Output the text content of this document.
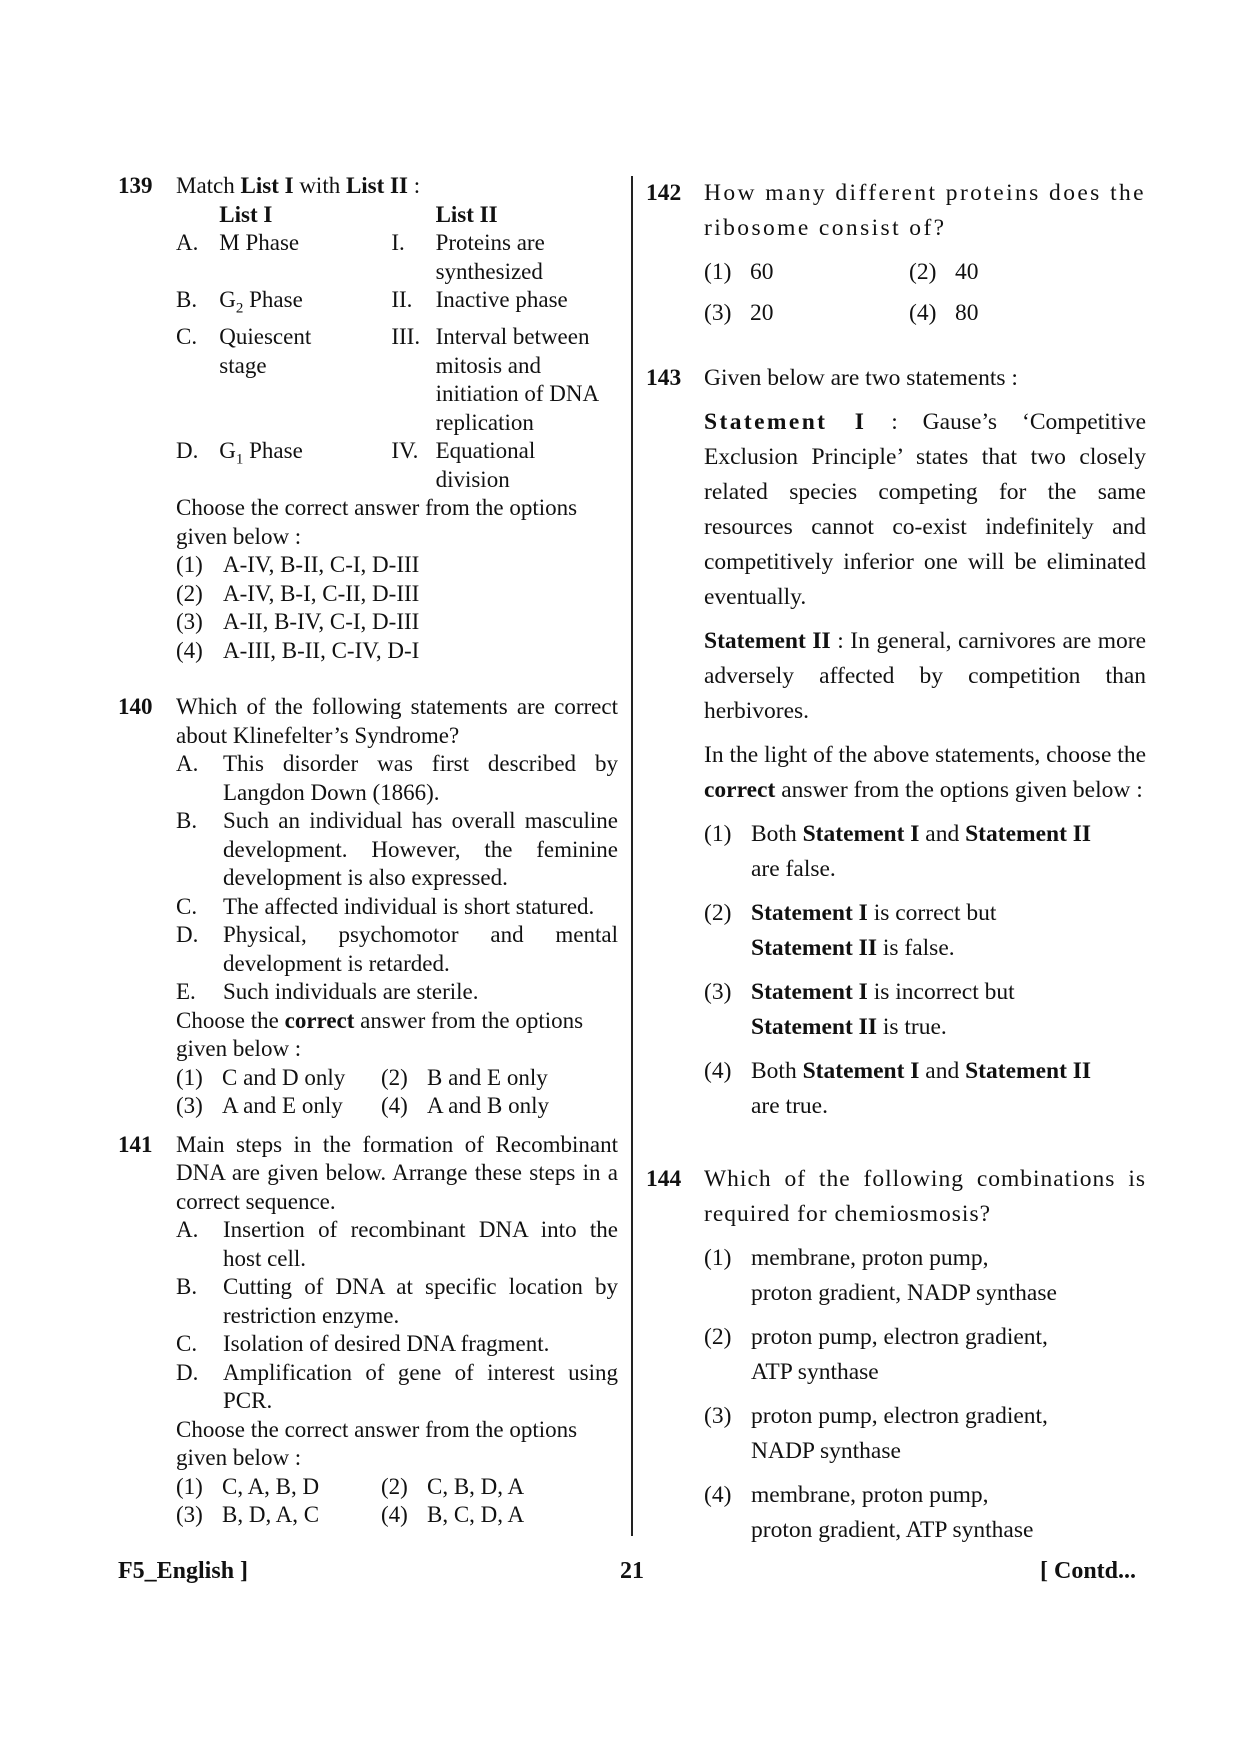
139 Match List I with List II :
	List I		List II
A.	M Phase	I.	Proteins are synthesized
B.	$G_2$ Phase	II.	Inactive phase
C.	Quiescent stage	III.	Interval between mitosis and initiation of DNA replication
D.	$G_1$ Phase	IV.	Equational division
Choose the correct answer from the options given below :
(1) A-IV, B-II, C-I, D-III
(2) A-IV, B-I, C-II, D-III
(3) A-II, B-IV, C-I, D-III
(4) A-III, B-II, C-IV, D-I
140 Which of the following statements are correct about Klinefelter’s Syndrome?
A.	This disorder was first described by Langdon Down (1866).
B.	Such an individual has overall masculine development. However, the feminine development is also expressed.
C.	The affected individual is short statured.
D.	Physical, psychomotor and mental development is retarded.
E.	Such individuals are sterile.
Choose the correct answer from the options given below :
(1) C and D only (2) B and E only
(3) A and E only (4) A and B only
141 Main steps in the formation of Recombinant DNA are given below. Arrange these steps in a correct sequence.
A.	Insertion of recombinant DNA into the host cell.
B.	Cutting of DNA at specific location by restriction enzyme.
C.	Isolation of desired DNA fragment.
D.	Amplification of gene of interest using PCR.
Choose the correct answer from the options given below :
(1) C, A, B, D	(2) C, B, D, A
(3) B, D, A, C	(4) B, C, D, A
142 How many different proteins does the ribosome consist of?
(1) 60	(2) 40
(3) 20	(4) 80
143 Given below are two statements :
Statement I : Gause’s ‘Competitive Exclusion Principle’ states that two closely related species competing for the same resources cannot co-exist indefinitely and competitively inferior one will be eliminated eventually.
Statement II : In general, carnivores are more adversely affected by competition than herbivores.
In the light of the above statements, choose the correct answer from the options given below :
(1) Both Statement I and Statement II
are false.
(2) Statement I is correct but
Statement II is false.
(3) Statement I is incorrect but
Statement II is true.
(4) Both Statement I and Statement II
are true.
144 Which of the following combinations is required for chemiosmosis?
(1) membrane, proton pump,
proton gradient, NADP synthase
(2) proton pump, electron gradient,
ATP synthase
(3) proton pump, electron gradient,
NADP synthase
(4) membrane, proton pump,
proton gradient, ATP synthase
F5_English ]	21	[ Contd...
